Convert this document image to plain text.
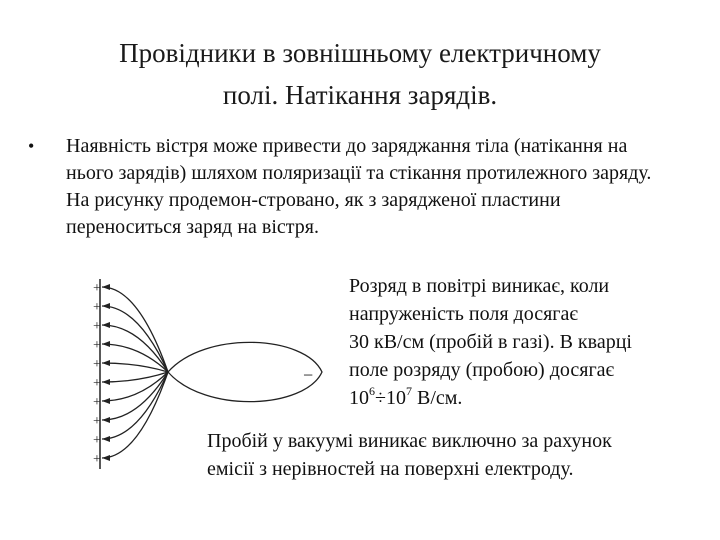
Провідники в зовнішньому електричному
полі. Натікання зарядів.
• Наявність вістря може привести до заряджання тіла (натікання на нього зарядів) шляхом поляризації та стікання протилежного заряду. На рисунку продемон-стровано, як з зарядженої пластини переноситься заряд на вістря.
+
+
+
+
+
+
+
+
+
+
−
Розряд в повітрі виникає, коли
напруженість поля досягає
30 кВ/см (пробій в газі). В кварці
поле розряду (пробою) досягає
$10^6\div 10^7$ В/см.
Пробій у вакуумі виникає виключно за рахунок
емісії з нерівностей на поверхні електроду.
